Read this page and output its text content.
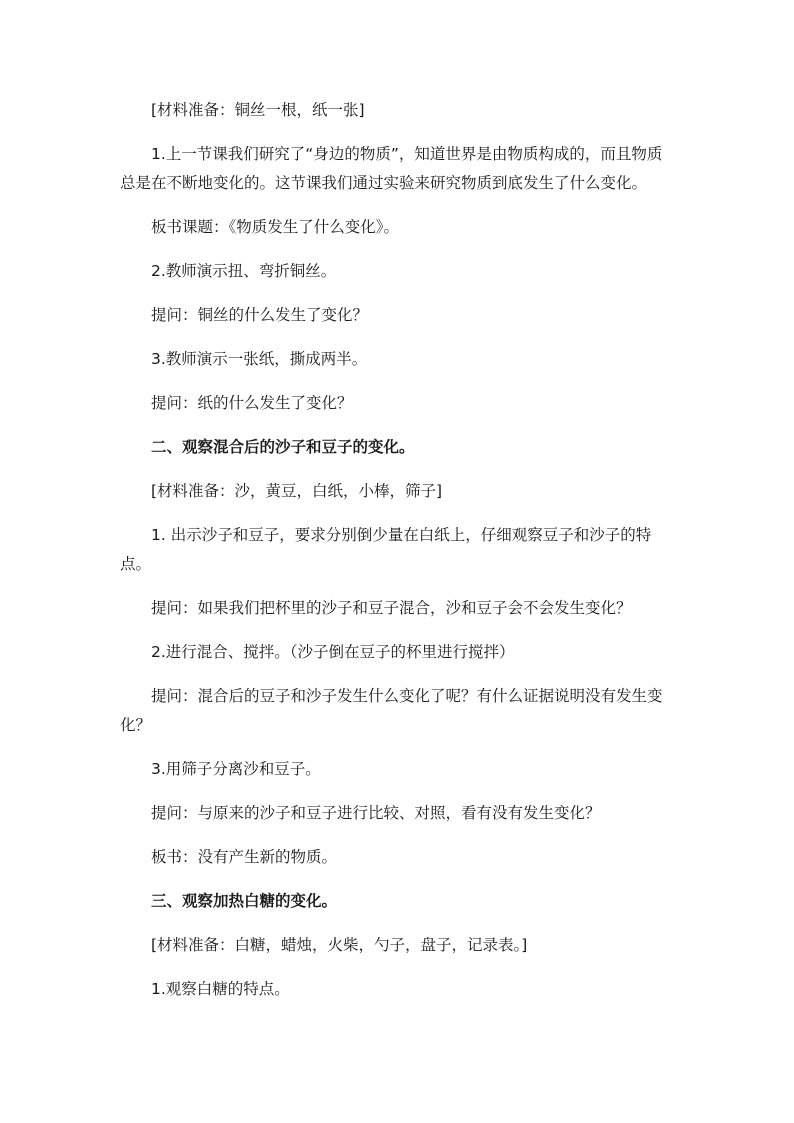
[材料准备：铜丝一根，纸一张]

1.上一节课我们研究了“身边的物质”，知道世界是由物质构成的，而且物质总是在不断地变化的。这节课我们通过实验来研究物质到底发生了什么变化。

板书课题：《物质发生了什么变化》。

2.教师演示扭、弯折铜丝。

提问：铜丝的什么发生了变化？

3.教师演示一张纸，撕成两半。

提问：纸的什么发生了变化？

二、观察混合后的沙子和豆子的变化。

[材料准备：沙，黄豆，白纸，小棒，筛子]

1. 出示沙子和豆子，要求分别倒少量在白纸上，仔细观察豆子和沙子的特点。

提问：如果我们把杯里的沙子和豆子混合，沙和豆子会不会发生变化？

2.进行混合、搅拌。（沙子倒在豆子的杯里进行搅拌）

提问：混合后的豆子和沙子发生什么变化了呢？有什么证据说明没有发生变化？

3.用筛子分离沙和豆子。

提问：与原来的沙子和豆子进行比较、对照，看有没有发生变化？

板书：没有产生新的物质。

三、观察加热白糖的变化。

[材料准备：白糖，蜡烛，火柴，勺子，盘子，记录表。]

1.观察白糖的特点。
